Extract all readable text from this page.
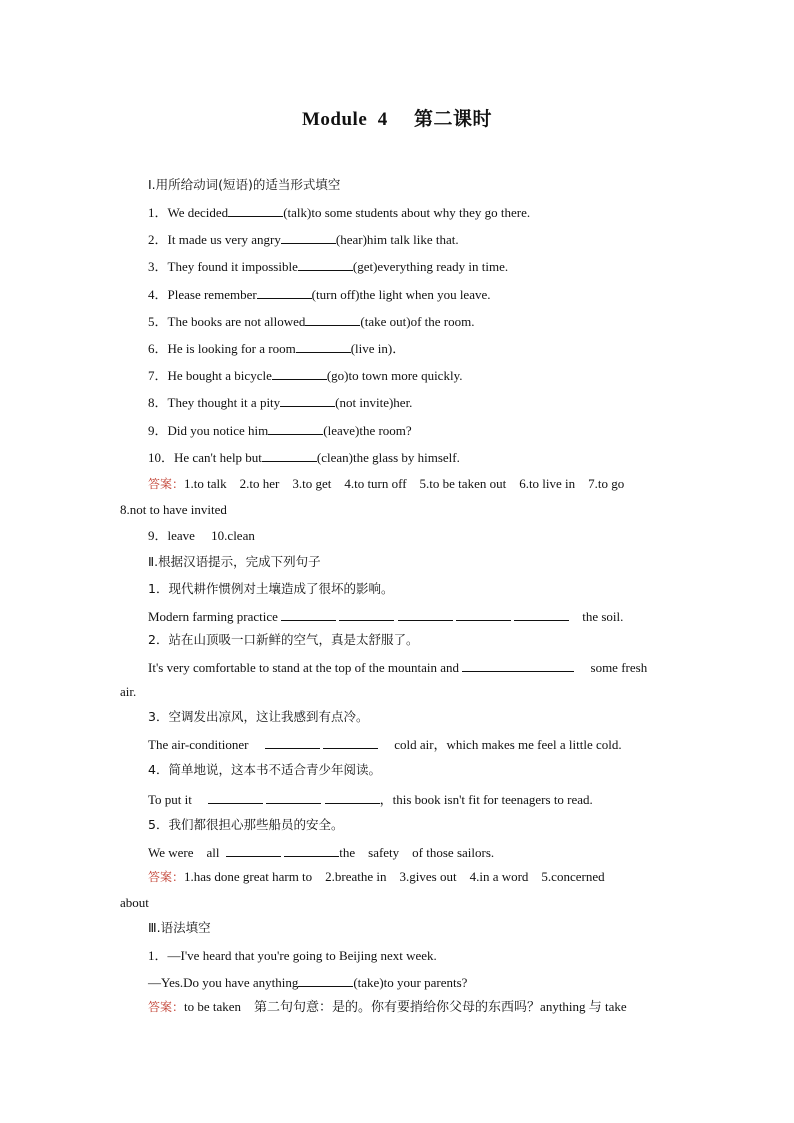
Module  4     第二课时
Ⅰ.用所给动词(短语)的适当形式填空
1．We decided	(talk)to some students about why they go there.
2．It made us very angry	(hear)him talk like that.
3．They found it impossible	(get)everything ready in time.
4．Please remember	(turn off)the light when you leave.
5．The books are not allowed	(take out)of the room.
6．He is looking for a room	(live in)．
7．He bought a bicycle	(go)to town more quickly.
8．They thought it a pity	(not invite)her.
9．Did you notice him	(leave)the room?
10．He can't help but	(clean)the glass by himself.
答案：1.to talk    2.to her    3.to get    4.to turn off    5.to be taken out    6.to live in    7.to go
8.not to have invited
9．leave     10.clean
Ⅱ.根据汉语提示，完成下列句子
1．现代耕作惯例对土壤造成了很坏的影响。
Modern farming practice	the soil.
2．站在山顶吸一口新鲜的空气，真是太舒服了。
It's very comfortable to stand at the top of the mountain and	some fresh
air.
3．空调发出凉风，这让我感到有点冷。
The air-conditioner	cold air，which makes me feel a little cold.
4．简单地说，这本书不适合青少年阅读。
To put it	，this book isn't fit for teenagers to read.
5．我们都很担心那些船员的安全。
We were    all	the    safety    of those sailors.
答案：1.has done great harm to    2.breathe in    3.gives out    4.in a word    5.concerned
about
Ⅲ.语法填空
1．—I've heard that you're going to Beijing next week.
—Yes.Do you have anything	(take)to your parents?
答案：to be taken    第二句句意：是的。你有要捎给你父母的东西吗？anything 与 take
